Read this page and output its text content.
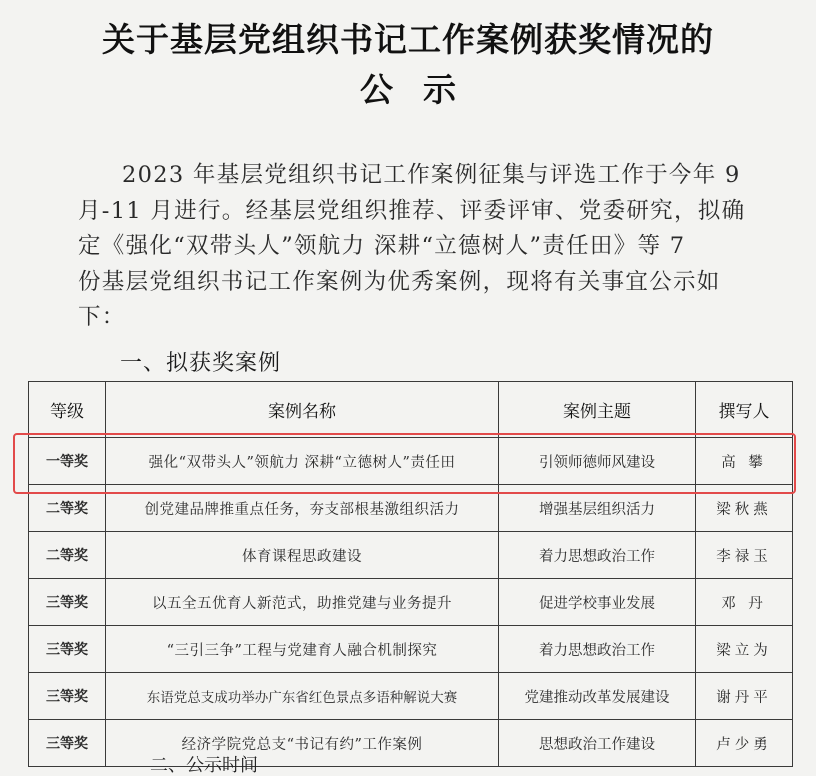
关于基层党组织书记工作案例获奖情况的
公示
2023 年基层党组织书记工作案例征集与评选工作于今年 9
月-11 月进行。经基层党组织推荐、评委评审、党委研究，拟确
定《强化“双带头人”领航力 深耕“立德树人”责任田》等 7
份基层党组织书记工作案例为优秀案例，现将有关事宜公示如
下：
一、拟获奖案例
等级	案例名称	案例主题	撰写人
一等奖	强化“双带头人”领航力 深耕“立德树人”责任田	引领师德师风建设	高 攀
二等奖	创党建品牌推重点任务，夯支部根基激组织活力	增强基层组织活力	梁秋燕
二等奖	体育课程思政建设	着力思想政治工作	李禄玉
三等奖	以五全五优育人新范式，助推党建与业务提升	促进学校事业发展	邓 丹
三等奖	“三引三争”工程与党建育人融合机制探究	着力思想政治工作	梁立为
三等奖	东语党总支成功举办广东省红色景点多语种解说大赛	党建推动改革发展建设	谢丹平
三等奖	经济学院党总支“书记有约”工作案例	思想政治工作建设	卢少勇
二、公示时间
